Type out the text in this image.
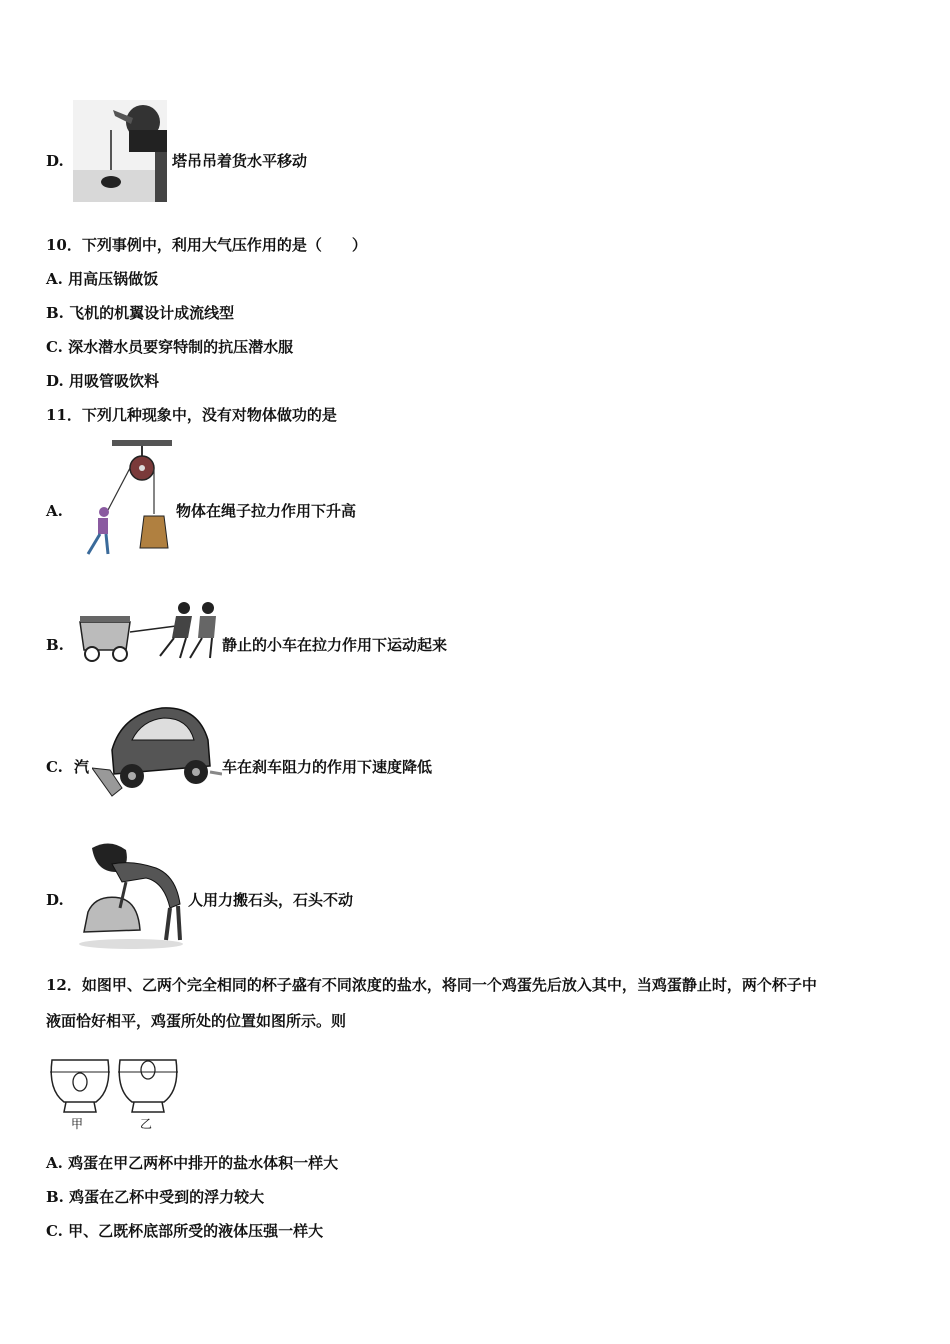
D.	塔吊吊着货水平移动
10．下列事例中，利用大气压作用的是（　　）
A. 用高压锅做饭
B. 飞机的机翼设计成流线型
C. 深水潜水员要穿特制的抗压潜水服
D. 用吸管吸饮料
11．下列几种现象中，没有对物体做功的是
A.	物体在绳子拉力作用下升高
B.	静止的小车在拉力作用下运动起来
C. 汽	车在刹车阻力的作用下速度降低
D.	人用力搬石头，石头不动
12．如图甲、乙两个完全相同的杯子盛有不同浓度的盐水，将同一个鸡蛋先后放入其中，当鸡蛋静止时，两个杯子中
液面恰好相平，鸡蛋所处的位置如图所示。则
甲	乙
A. 鸡蛋在甲乙两杯中排开的盐水体积一样大
B. 鸡蛋在乙杯中受到的浮力较大
C. 甲、乙既杯底部所受的液体压强一样大
